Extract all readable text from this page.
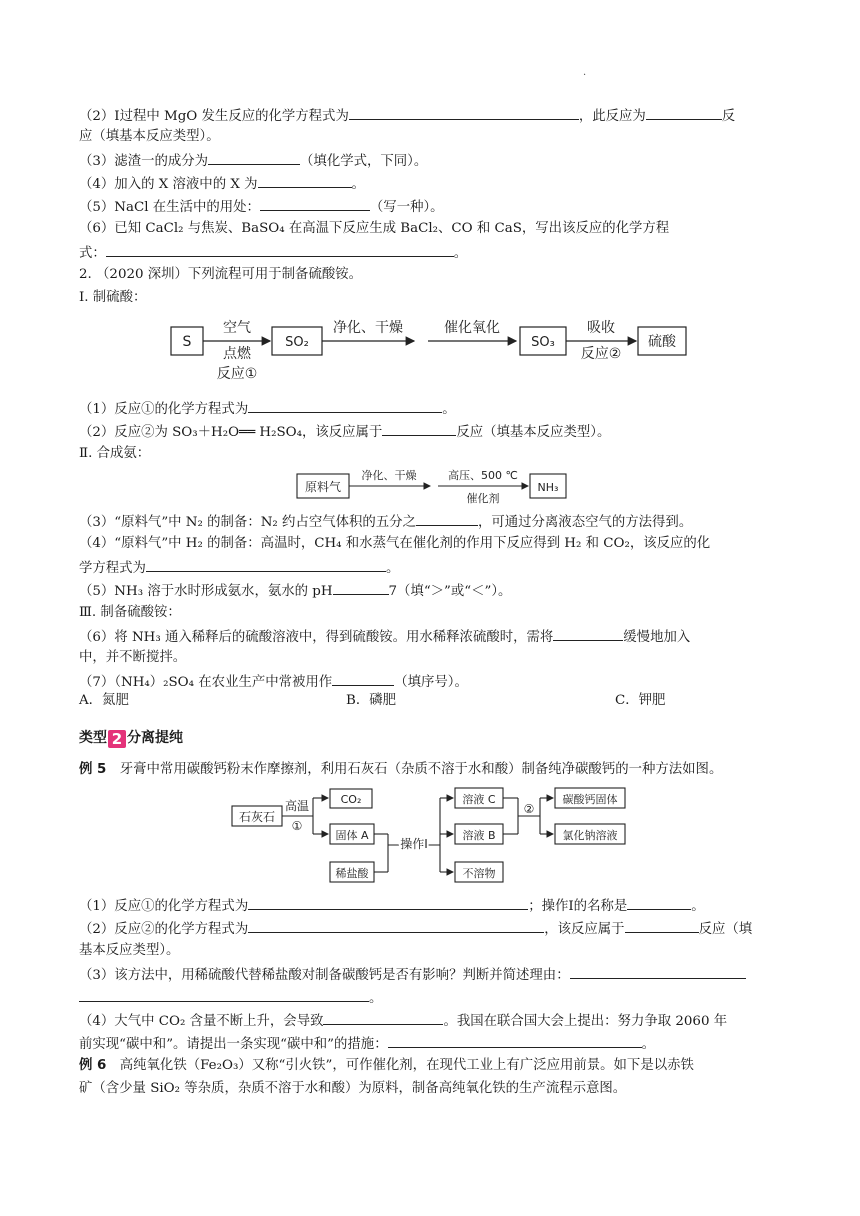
·
（2）Ⅰ过程中 MgO 发生反应的化学方程式为	，此反应为	反
应（填基本反应类型）。
（3）滤渣一的成分为	（填化学式，下同）。
（4）加入的 X 溶液中的 X 为	。
（5）NaCl 在生活中的用处：	（写一种）。
（6）已知 CaCl₂ 与焦炭、BaSO₄ 在高温下反应生成 BaCl₂、CO 和 CaS，写出该反应的化学方程
式：	。
2. （2020 深圳）下列流程可用于制备硫酸铵。
Ⅰ. 制硫酸：
S
空气
点燃
反应①
SO₂
净化、干燥	催化氧化
SO₃
吸收
反应②
硫酸
（1）反应①的化学方程式为	。
（2）反应②为 SO₃＋H₂O══ H₂SO₄，该反应属于	反应（填基本反应类型）。
Ⅱ. 合成氨：
原料气
净化、干燥	高压、500 ℃
催化剂
NH₃
（3）“原料气”中 N₂ 的制备：N₂ 约占空气体积的五分之	，可通过分离液态空气的方法得到。
（4）“原料气”中 H₂ 的制备：高温时，CH₄ 和水蒸气在催化剂的作用下反应得到 H₂ 和 CO₂，该反应的化
学方程式为	。
（5）NH₃ 溶于水时形成氨水，氨水的 pH	7（填“＞”或“＜”）。
Ⅲ. 制备硫酸铵：
（6）将 NH₃ 通入稀释后的硫酸溶液中，得到硫酸铵。用水稀释浓硫酸时，需将	缓慢地加入
中，并不断搅拌。
（7）（NH₄）₂SO₄ 在农业生产中常被用作	（填序号）。
A．氮肥	B．磷肥	C．钾肥
类型 2 分离提纯
例 5　牙膏中常用碳酸钙粉末作摩擦剂，利用石灰石（杂质不溶于水和酸）制备纯净碳酸钙的一种方法如图。
石灰石
高温
①
CO₂
固体 A
稀盐酸
操作Ⅰ
溶液 C
溶液 B
不溶物
②
碳酸钙固体
氯化钠溶液
（1）反应①的化学方程式为	；操作Ⅰ的名称是	。
（2）反应②的化学方程式为	，该反应属于	反应（填
基本反应类型）。
（3）该方法中，用稀硫酸代替稀盐酸对制备碳酸钙是否有影响？判断并简述理由：
。
（4）大气中 CO₂ 含量不断上升，会导致	。我国在联合国大会上提出：努力争取 2060 年
前实现“碳中和”。请提出一条实现“碳中和”的措施：	。
例 6　高纯氧化铁（Fe₂O₃）又称“引火铁”，可作催化剂，在现代工业上有广泛应用前景。如下是以赤铁
矿（含少量 SiO₂ 等杂质，杂质不溶于水和酸）为原料，制备高纯氧化铁的生产流程示意图。
